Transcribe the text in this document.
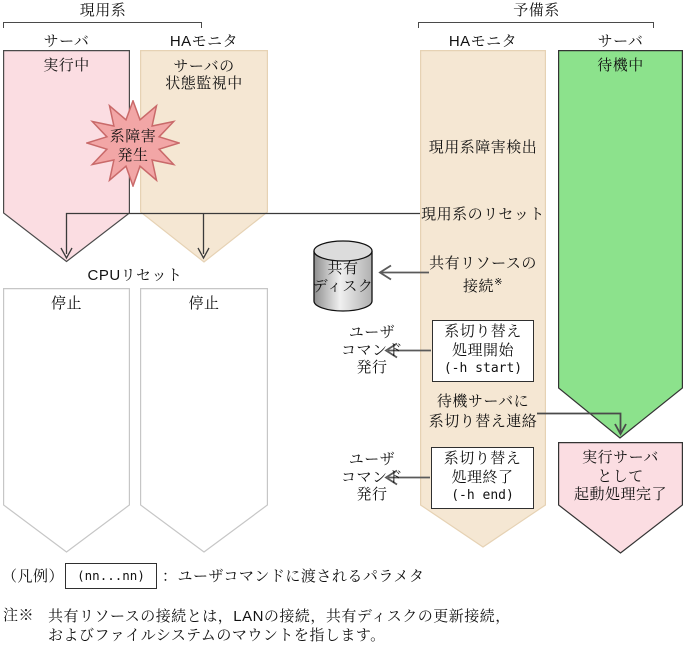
現用系	予備系
サーバ	HAモニタ	HAモニタ	サーバ
系障害
発生
共有
ディスク
実行中	サーバの
状態監視中
待機中
現用系障害検出
現用系のリセット
共有リソースの
接続※
系切り替え
処理開始
(-h start)
待機サーバに
系切り替え連絡
系切り替え
処理終了
(-h end)
ユーザ
コマンド
発行
ユーザ
コマンド
発行
CPUリセット
停止	停止
実行サーバ
として
起動処理完了
（凡例）	(nn...nn)	：ユーザコマンドに渡されるパラメタ
注※ 共有リソースの接続とは，LANの接続，共有ディスクの更新接続，
およびファイルシステムのマウントを指します。
